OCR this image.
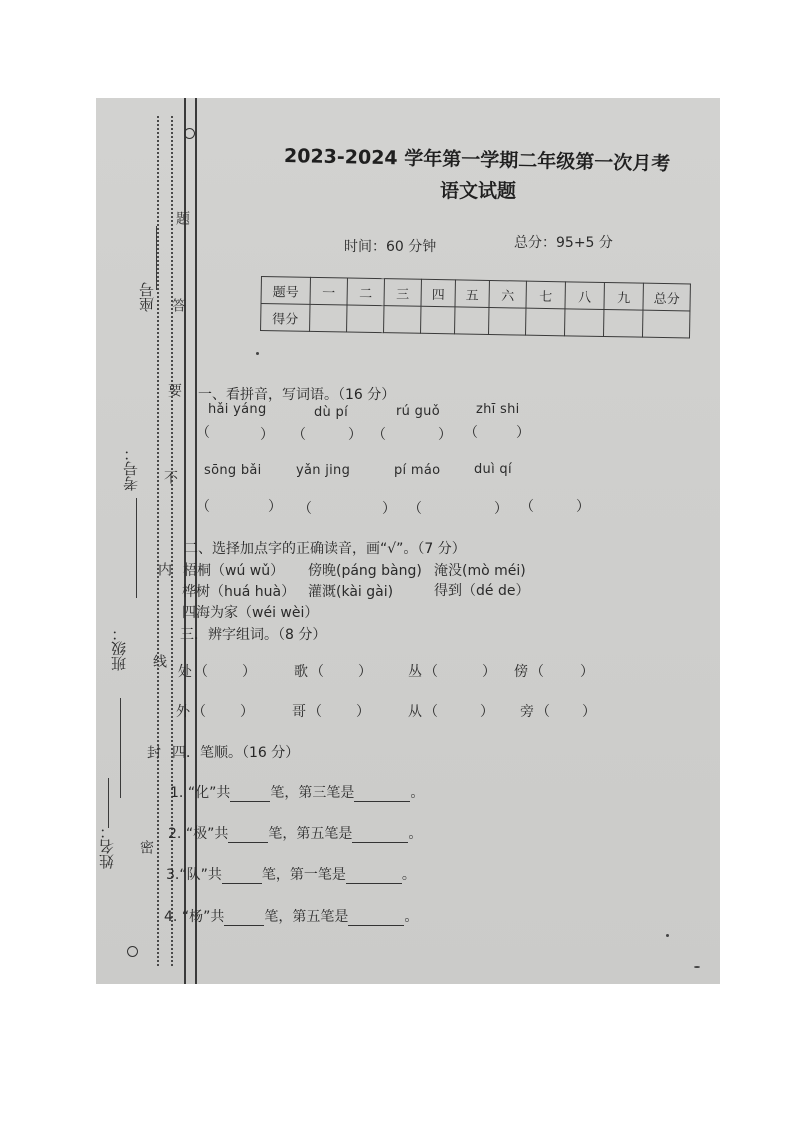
题
答
要
不
内
线
封
密
座号
考号：
班级：
姓名：
2023-2024 学年第一学期二年级第一次月考
语文试题
时间：60 分钟	总分：95+5 分
题号	一	二	三	四	五	六	七	八	九	总分
得分										
一、看拼音，写词语。（16 分）
hǎi yáng	dù pí	rú guǒ	zhī shi
（	） （	） （	） （	）
sōng bǎi	yǎn jing	pí máo	duì qí
（	） （	） （	） （	）
二、选择加点字的正确读音，画“√”。（7 分）
梧桐（wú wǔ） 傍晚(páng bàng) 淹没(mò méi)
桦树（huá huà） 灌溉(kài gài)	得到（dé de）
四海为家（wéi wèi）
三．辨字组词。（8 分）
处 （ ）	歌 （ ）	丛 （	） 傍 （	）
外 （ ）	哥 （ ）	从 （	） 旁 （ ）
四．笔顺。（16 分）
1. “化”共	笔，第三笔是	。
2. “极”共	笔，第五笔是	。
3.“队”共	笔，第一笔是	。
4. “杨”共	笔，第五笔是	。
